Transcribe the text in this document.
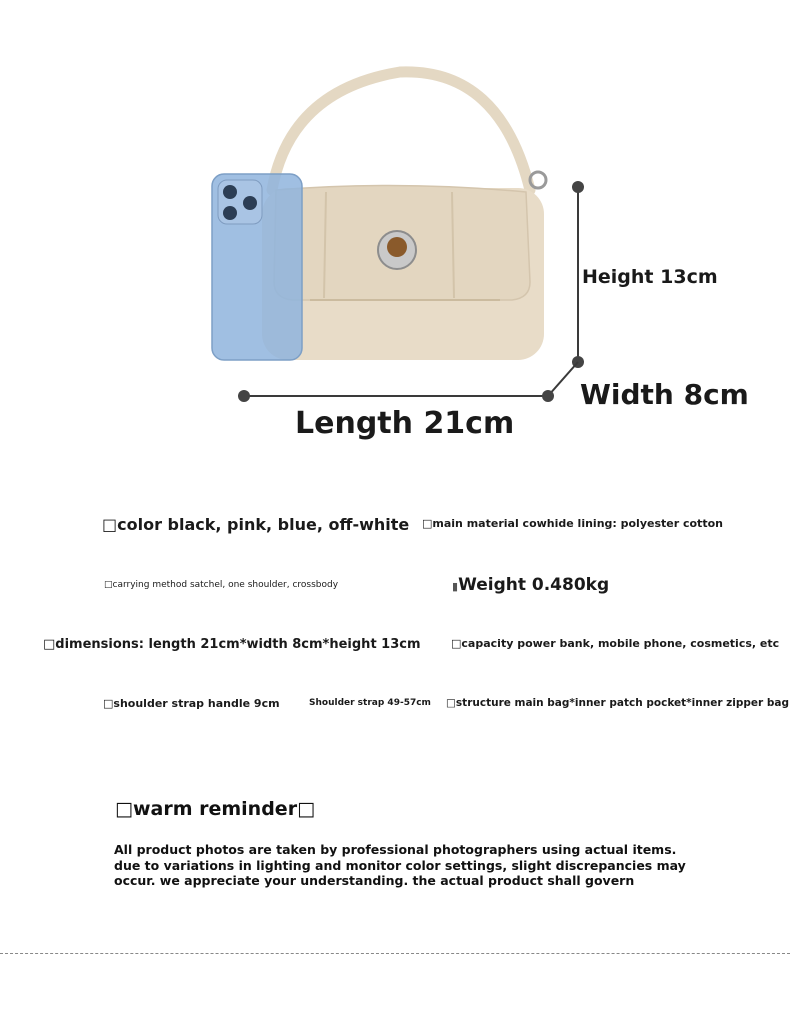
Height 13cm
Width 8cm
Length 21cm
□color black, pink, blue, off-white □main material cowhide lining: polyester cotton
□carrying method satchel, one shoulder, crossbody	▮Weight 0.480kg
□dimensions: length 21cm*width 8cm*height 13cm	□capacity power bank, mobile phone, cosmetics, etc
□shoulder strap handle 9cm	Shoulder strap 49-57cm □structure main bag*inner patch pocket*inner zipper bag
□warm reminder□
All product photos are taken by professional photographers using actual items.
due to variations in lighting and monitor color settings, slight discrepancies may
occur. we appreciate your understanding. the actual product shall govern
